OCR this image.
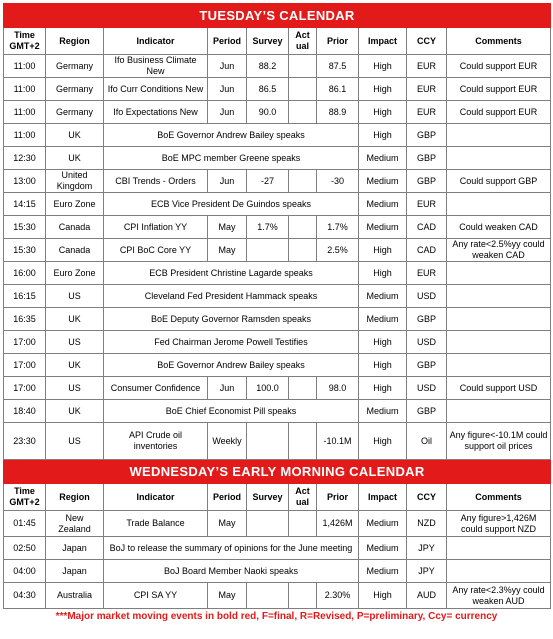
TUESDAY’S CALENDAR									
Time GMT+2	Region	Indicator	Period	Survey	Act ual	Prior	Impact	CCY	Comments
11:00	Germany	Ifo Business Climate New	Jun	88.2		87.5	High	EUR	Could support EUR
11:00	Germany	Ifo Curr Conditions New	Jun	86.5		86.1	High	EUR	Could support EUR
11:00	Germany	Ifo Expectations New	Jun	90.0		88.9	High	EUR	Could support EUR
11:00	UK	BoE Governor Andrew Bailey speaks					High	GBP	
12:30	UK	BoE MPC member Greene speaks					Medium	GBP	
13:00	United Kingdom	CBI Trends - Orders	Jun	-27		-30	Medium	GBP	Could support GBP
14:15	Euro Zone	ECB Vice President De Guindos speaks					Medium	EUR	
15:30	Canada	CPI Inflation YY	May	1.7%		1.7%	Medium	CAD	Could weaken CAD
15:30	Canada	CPI BoC Core YY	May			2.5%	High	CAD	Any rate<2.5%yy could weaken CAD
16:00	Euro Zone	ECB President Christine Lagarde speaks					High	EUR	
16:15	US	Cleveland Fed President Hammack speaks					Medium	USD	
16:35	UK	BoE Deputy Governor Ramsden speaks					Medium	GBP	
17:00	US	Fed Chairman Jerome Powell Testifies					High	USD	
17:00	UK	BoE Governor Andrew Bailey speaks					High	GBP	
17:00	US	Consumer Confidence	Jun	100.0		98.0	High	USD	Could support USD
18:40	UK	BoE Chief Economist Pill speaks					Medium	GBP	
23:30	US	API Crude oil inventories	Weekly			-10.1M	High	Oil	Any figure<-10.1M could support oil prices
WEDNESDAY’S EARLY MORNING CALENDAR									
Time GMT+2	Region	Indicator	Period	Survey	Act ual	Prior	Impact	CCY	Comments
01:45	New Zealand	Trade Balance	May			1,426M	Medium	NZD	Any figure>1,426M could support NZD
02:50	Japan	BoJ to release the summary of opinions for the June meeting					Medium	JPY	
04:00	Japan	BoJ Board Member Naoki speaks					Medium	JPY	
04:30	Australia	CPI SA YY	May			2.30%	High	AUD	Any rate<2.3%yy could weaken AUD
***Major market moving events in bold red, F=final, R=Revised, P=preliminary, Ccy= currency
